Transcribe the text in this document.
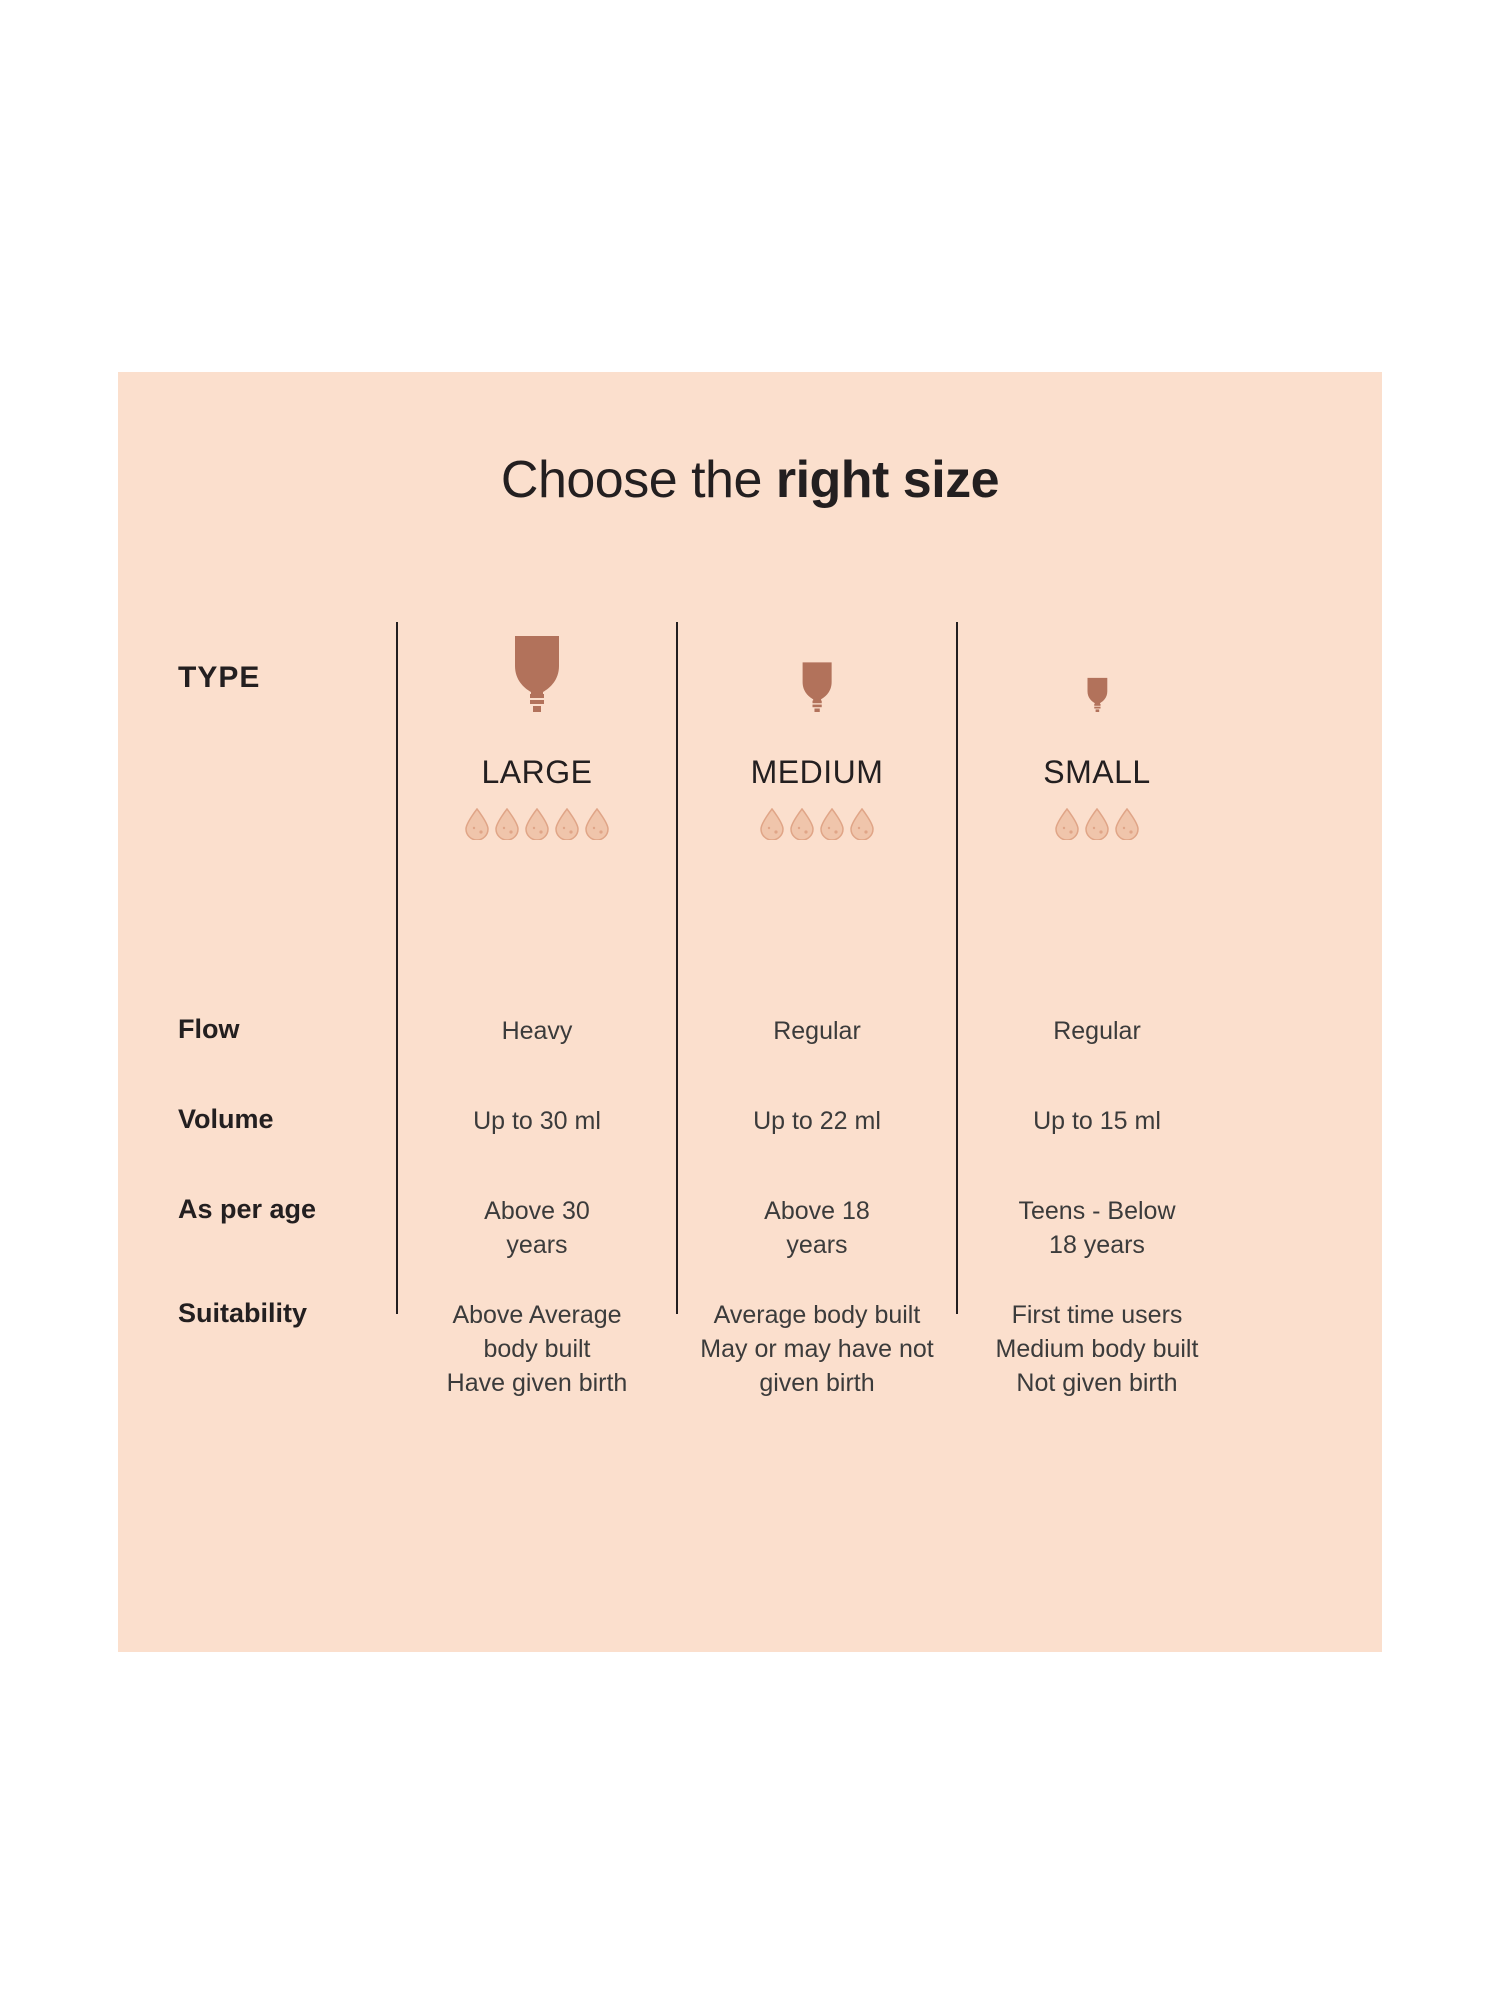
Choose the right size
TYPE
Flow
Volume
As per age
Suitability
LARGE
Heavy
Up to 30 ml
Above 30
years
Above Average
body built
Have given birth
MEDIUM
Regular
Up to 22 ml
Above 18
years
Average body built
May or may have not
given birth
SMALL
Regular
Up to 15 ml
Teens - Below
18 years
First time users
Medium body built
Not given birth
